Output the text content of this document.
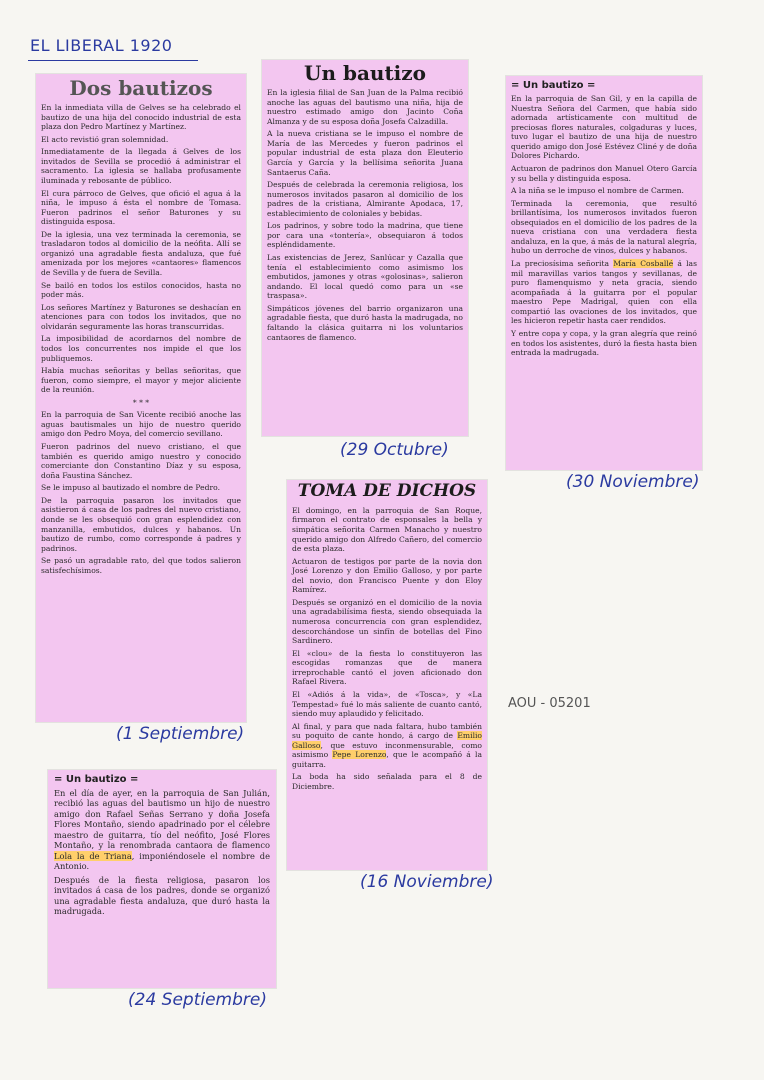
EL LIBERAL 1920
Dos bautizos

En la inmediata villa de Gelves se ha celebrado el bautizo de una hija del conocido industrial de esta plaza don Pedro Martínez y Martínez.

El acto revistió gran solemnidad.

Inmediatamente de la llegada á Gelves de los invitados de Sevilla se procedió á administrar el sacramento. La iglesia se hallaba profusamente iluminada y rebosante de público.

El cura párroco de Gelves, que ofició el agua á la niña, le impuso á ésta el nombre de Tomasa. Fueron padrinos el señor Baturones y su distinguida esposa.

De la iglesia, una vez terminada la ceremonia, se trasladaron todos al domicilio de la neófita. Allí se organizó una agradable fiesta andaluza, que fué amenizada por los mejores «cantaores» flamencos de Sevilla y de fuera de Sevilla.

Se bailó en todos los estilos conocidos, hasta no poder más.

Los señores Martínez y Baturones se deshacían en atenciones para con todos los invitados, que no olvidarán seguramente las horas transcurridas.

La imposibilidad de acordarnos del nombre de todos los concurrentes nos impide el que los publiquemos.

Había muchas señoritas y bellas señoritas, que fueron, como siempre, el mayor y mejor aliciente de la reunión.

* * *

En la parroquia de San Vicente recibió anoche las aguas bautismales un hijo de nuestro querido amigo don Pedro Moya, del comercio sevillano.

Fueron padrinos del nuevo cristiano, el que también es querido amigo nuestro y conocido comerciante don Constantino Díaz y su esposa, doña Faustina Sánchez.

Se le impuso al bautizado el nombre de Pedro.

De la parroquia pasaron los invitados que asistieron á casa de los padres del nuevo cristiano, donde se les obsequió con gran esplendidez con manzanilla, embutidos, dulces y habanos. Un bautizo de rumbo, como corresponde á padres y padrinos.

Se pasó un agradable rato, del que todos salieron satisfechísimos.

(1 Septiembre)
Un bautizo

En la iglesia filial de San Juan de la Palma recibió anoche las aguas del bautismo una niña, hija de nuestro estimado amigo don Jacinto Coña Almanza y de su esposa doña Josefa Calzadilla.

A la nueva cristiana se le impuso el nombre de María de las Mercedes y fueron padrinos el popular industrial de esta plaza don Eleuterio García y García y la bellísima señorita Juana Santaerus Caña.

Después de celebrada la ceremonia religiosa, los numerosos invitados pasaron al domicilio de los padres de la cristiana, Almirante Apodaca, 17, establecimiento de coloniales y bebidas.

Los padrinos, y sobre todo la madrina, que tiene por cara una «tontería», obsequiaron á todos espléndidamente.

Las existencias de Jerez, Sanlúcar y Cazalla que tenía el establecimiento como asimismo los embutidos, jamones y otras «golosinas», salieron andando. El local quedó como para un «se traspasa».

Simpáticos jóvenes del barrio organizaron una agradable fiesta, que duró hasta la madrugada, no faltando la clásica guitarra ni los voluntarios cantaores de flamenco.

(29 Octubre)
= Un bautizo =

En la parroquia de San Gil, y en la capilla de Nuestra Señora del Carmen, que había sido adornada artísticamente con multitud de preciosas flores naturales, colgaduras y luces, tuvo lugar el bautizo de una hija de nuestro querido amigo don José Estévez Cliné y de doña Dolores Pichardo.

Actuaron de padrinos don Manuel Otero García y su bella y distinguida esposa.

A la niña se le impuso el nombre de Carmen.

Terminada la ceremonia, que resultó brillantísima, los numerosos invitados fueron obsequiados en el domicilio de los padres de la nueva cristiana con una verdadera fiesta andaluza, en la que, á más de la natural alegría, hubo un derroche de vinos, dulces y habanos.

La preciosísima señorita María Cosballé á las mil maravillas varios tangos y sevillanas, de puro flamenquismo y neta gracia, siendo acompañada á la guitarra por el popular maestro Pepe Madrigal, quien con ella compartió las ovaciones de los invitados, que les hicieron repetir hasta caer rendidos.

Y entre copa y copa, y la gran alegría que reinó en todos los asistentes, duró la fiesta hasta bien entrada la madrugada.

(30 Noviembre)
TOMA DE DICHOS

El domingo, en la parroquia de San Roque, firmaron el contrato de esponsales la bella y simpática señorita Carmen Manacho y nuestro querido amigo don Alfredo Cañero, del comercio de esta plaza.

Actuaron de testigos por parte de la novia don José Lorenzo y don Emilio Galloso, y por parte del novio, don Francisco Puente y don Eloy Ramírez.

Después se organizó en el domicilio de la novia una agradabilísima fiesta, siendo obsequiada la numerosa concurrencia con gran esplendidez, descorchándose un sinfín de botellas del Fino Sardinero.

El «clou» de la fiesta lo constituyeron las escogidas romanzas que de manera irreprochable cantó el joven aficionado don Rafael Rivera.

El «Adiós á la vida», de «Tosca», y «La Tempestad» fué lo más saliente de cuanto cantó, siendo muy aplaudido y felicitado.

Al final, y para que nada faltara, hubo también su poquito de cante hondo, á cargo de Emilio Galloso, que estuvo inconmensurable, como asimismo Pepe Lorenzo, que le acompañó á la guitarra.

La boda ha sido señalada para el 8 de Diciembre.

(16 Noviembre)
AOU - 05201
= Un bautizo =

En el día de ayer, en la parroquia de San Julián, recibió las aguas del bautismo un hijo de nuestro amigo don Rafael Señas Serrano y doña Josefa Flores Montaño, siendo apadrinado por el célebre maestro de guitarra, tío del neófito, José Flores Montaño, y la renombrada cantaora de flamenco Lola la de Triana, imponiéndosele el nombre de Antonio.

Después de la fiesta religiosa, pasaron los invitados á casa de los padres, donde se organizó una agradable fiesta andaluza, que duró hasta la madrugada.

(24 Septiembre)
